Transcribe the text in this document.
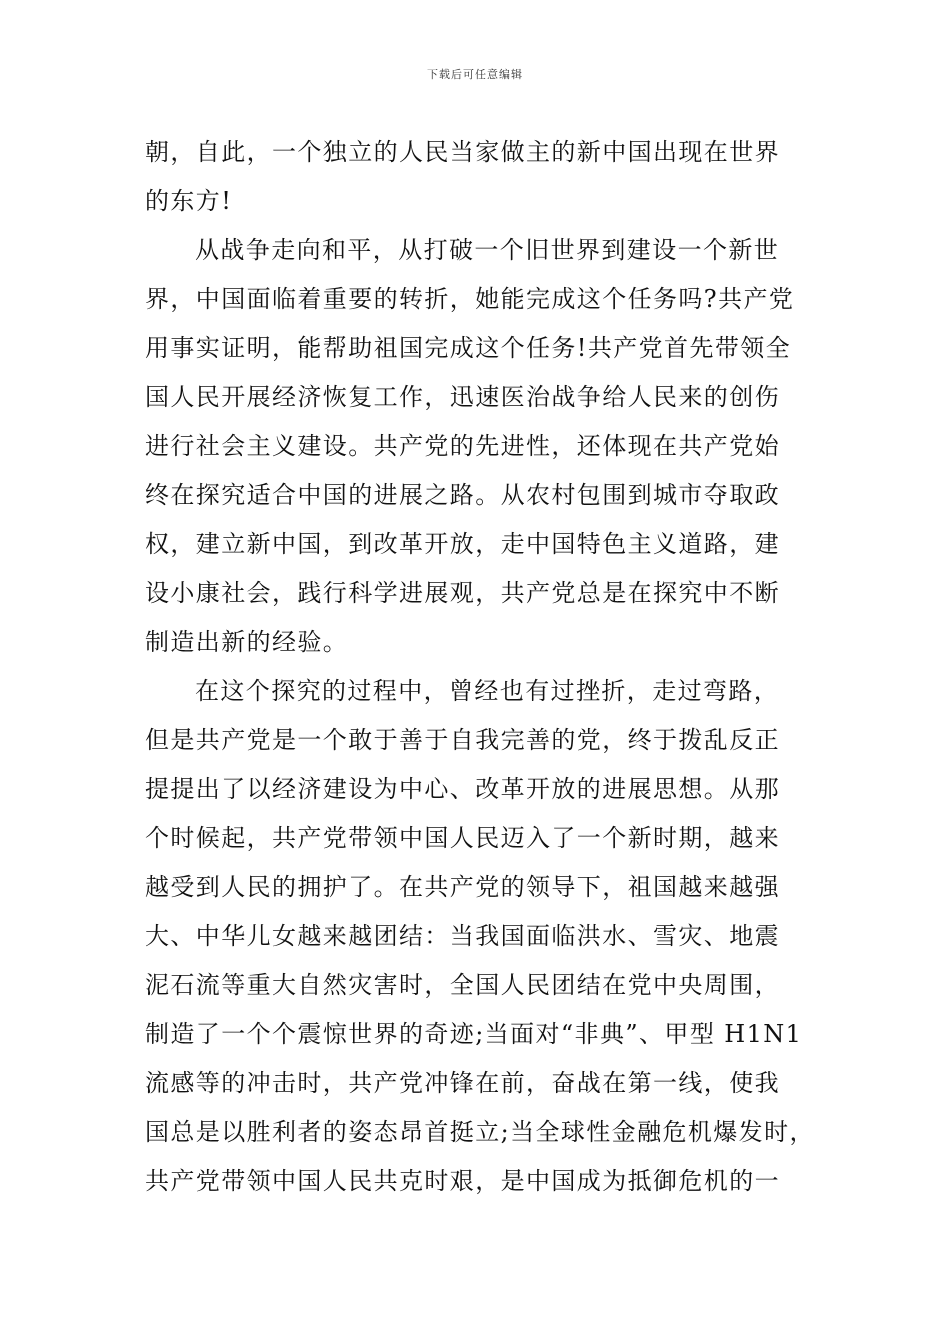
下载后可任意编辑
朝，自此，一个独立的人民当家做主的新中国出现在世界
的东方!
从战争走向和平，从打破一个旧世界到建设一个新世
界，中国面临着重要的转折，她能完成这个任务吗?共产党
用事实证明，能帮助祖国完成这个任务!共产党首先带领全
国人民开展经济恢复工作，迅速医治战争给人民来的创伤
进行社会主义建设。共产党的先进性，还体现在共产党始
终在探究适合中国的进展之路。从农村包围到城市夺取政
权，建立新中国，到改革开放，走中国特色主义道路，建
设小康社会，践行科学进展观，共产党总是在探究中不断
制造出新的经验。
在这个探究的过程中，曾经也有过挫折，走过弯路，
但是共产党是一个敢于善于自我完善的党，终于拨乱反正
提提出了以经济建设为中心、改革开放的进展思想。从那
个时候起，共产党带领中国人民迈入了一个新时期，越来
越受到人民的拥护了。在共产党的领导下，祖国越来越强
大、中华儿女越来越团结：当我国面临洪水、雪灾、地震
泥石流等重大自然灾害时，全国人民团结在党中央周围，
制造了一个个震惊世界的奇迹;当面对“非典”、甲型 H1N1
流感等的冲击时，共产党冲锋在前，奋战在第一线，使我
国总是以胜利者的姿态昂首挺立;当全球性金融危机爆发时，
共产党带领中国人民共克时艰，是中国成为抵御危机的一
